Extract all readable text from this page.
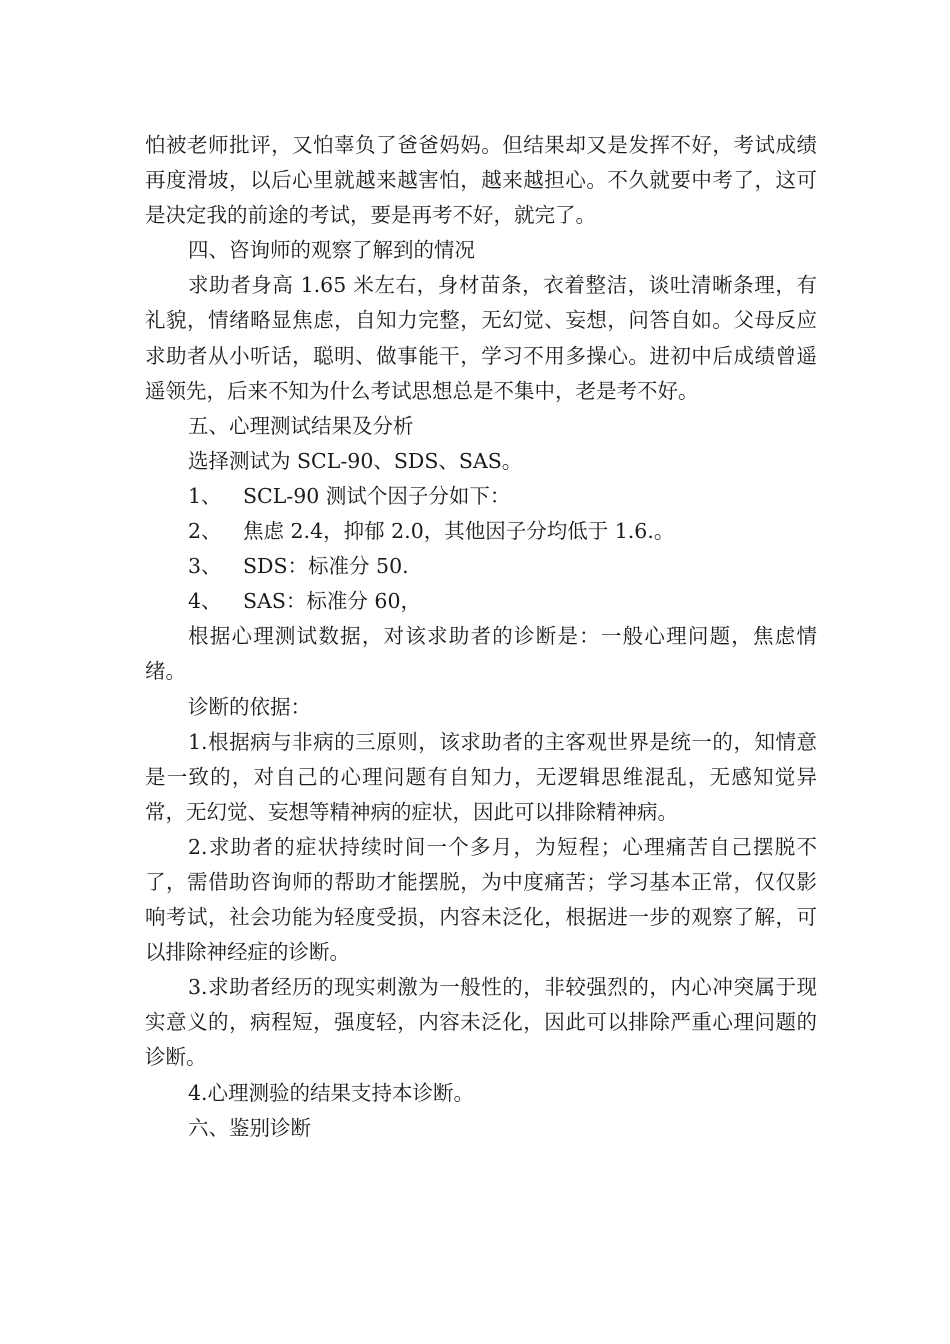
怕被老师批评，又怕辜负了爸爸妈妈。但结果却又是发挥不好，考试成绩再度滑坡，以后心里就越来越害怕，越来越担心。不久就要中考了，这可是决定我的前途的考试，要是再考不好，就完了。

四、咨询师的观察了解到的情况

求助者身高 1.65 米左右，身材苗条，衣着整洁，谈吐清晰条理，有礼貌，情绪略显焦虑，自知力完整，无幻觉、妄想，问答自如。父母反应求助者从小听话，聪明、做事能干，学习不用多操心。进初中后成绩曾遥遥领先，后来不知为什么考试思想总是不集中，老是考不好。

五、心理测试结果及分析

选择测试为 SCL-90、SDS、SAS。

1、	SCL-90 测试个因子分如下：
2、	焦虑 2.4，抑郁 2.0，其他因子分均低于 1.6.。
3、	SDS：标准分 50.
4、	SAS：标准分 60，

根据心理测试数据，对该求助者的诊断是：一般心理问题，焦虑情绪。

诊断的依据：

1.根据病与非病的三原则，该求助者的主客观世界是统一的，知情意是一致的，对自己的心理问题有自知力，无逻辑思维混乱，无感知觉异常，无幻觉、妄想等精神病的症状，因此可以排除精神病。

2.求助者的症状持续时间一个多月，为短程；心理痛苦自己摆脱不了，需借助咨询师的帮助才能摆脱，为中度痛苦；学习基本正常，仅仅影响考试，社会功能为轻度受损，内容未泛化，根据进一步的观察了解，可以排除神经症的诊断。

3.求助者经历的现实刺激为一般性的，非较强烈的，内心冲突属于现实意义的，病程短，强度轻，内容未泛化，因此可以排除严重心理问题的诊断。

4.心理测验的结果支持本诊断。

六、鉴别诊断
